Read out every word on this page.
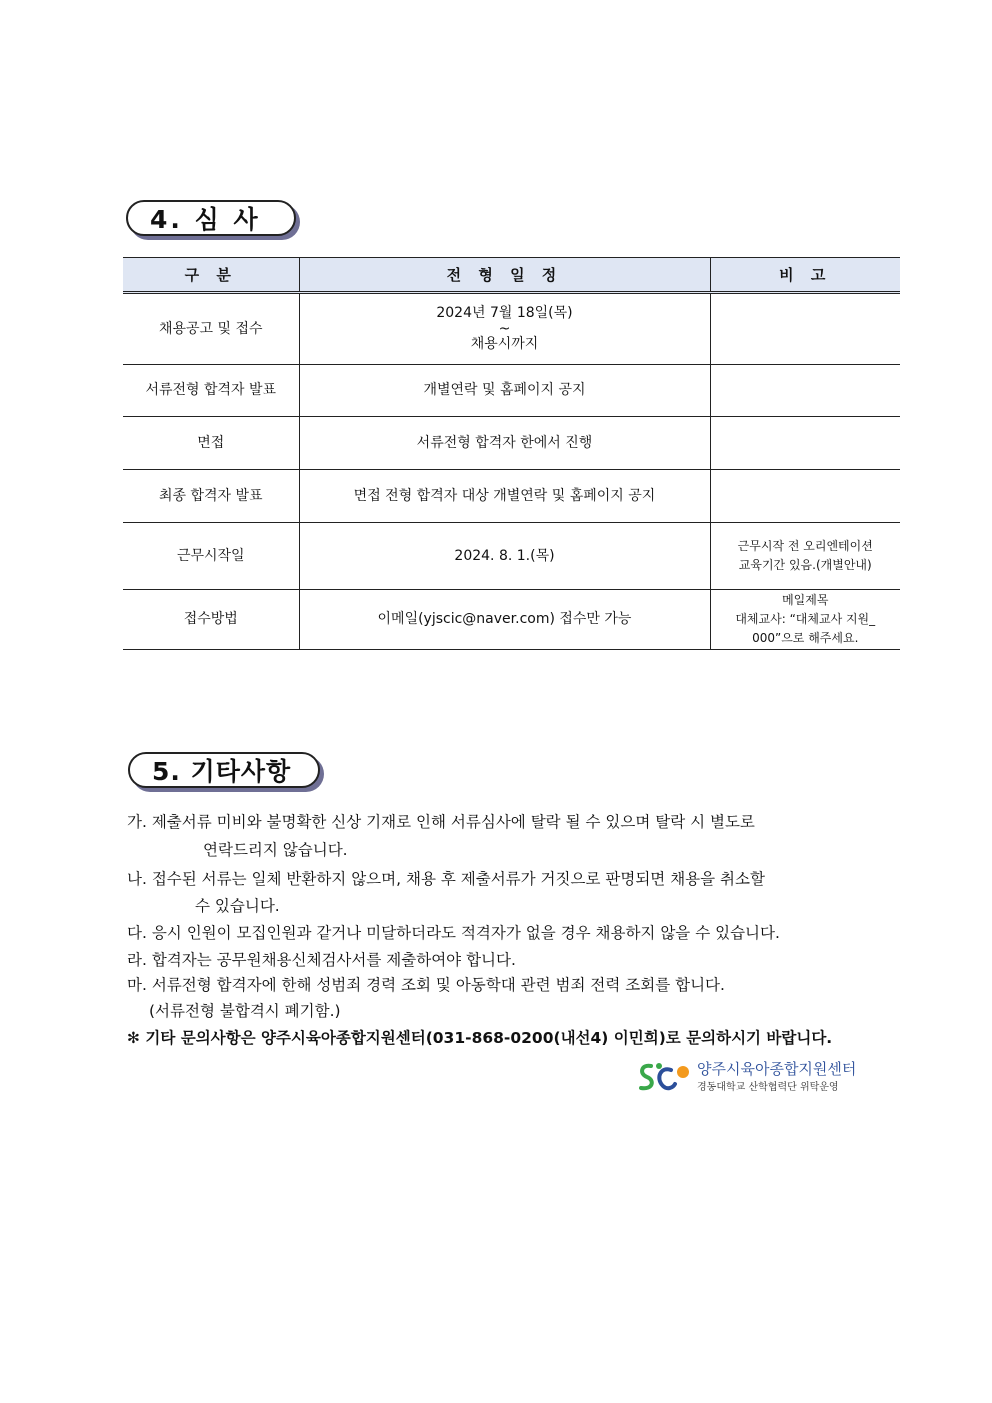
4. 심 사
구 분	전 형 일 정	비 고
채용공고 및 접수	2024년 7월 18일(목)
~
채용시까지	

서류전형 합격자 발표	개별연락 및 홈페이지 공지	
면접	서류전형 합격자 한에서 진행	
최종 합격자 발표	면접 전형 합격자 대상 개별연락 및 홈페이지 공지	
근무시작일	2024. 8. 1.(목)	근무시작 전 오리엔테이션
교육기간 있음.(개별안내)

접수방법	이메일(yjscic@naver.com) 접수만 가능	메일제목
대체교사: “대체교사 지원_
000”으로 해주세요.
5. 기타사항
가. 제출서류 미비와 불명확한 신상 기재로 인해 서류심사에 탈락 될 수 있으며 탈락 시 별도로
연락드리지 않습니다.
나. 접수된 서류는 일체 반환하지 않으며, 채용 후 제출서류가 거짓으로 판명되면 채용을 취소할
수 있습니다.
다. 응시 인원이 모집인원과 같거나 미달하더라도 적격자가 없을 경우 채용하지 않을 수 있습니다.
라. 합격자는 공무원채용신체검사서를 제출하여야 합니다.
마. 서류전형 합격자에 한해 성범죄 경력 조회 및 아동학대 관련 범죄 전력 조회를 합니다.
(서류전형 불합격시 폐기함.)
✻ 기타 문의사항은 양주시육아종합지원센터(031-868-0200(내선4) 이민희)로 문의하시기 바랍니다.
양주시육아종합지원센터
경동대학교 산학협력단 위탁운영
